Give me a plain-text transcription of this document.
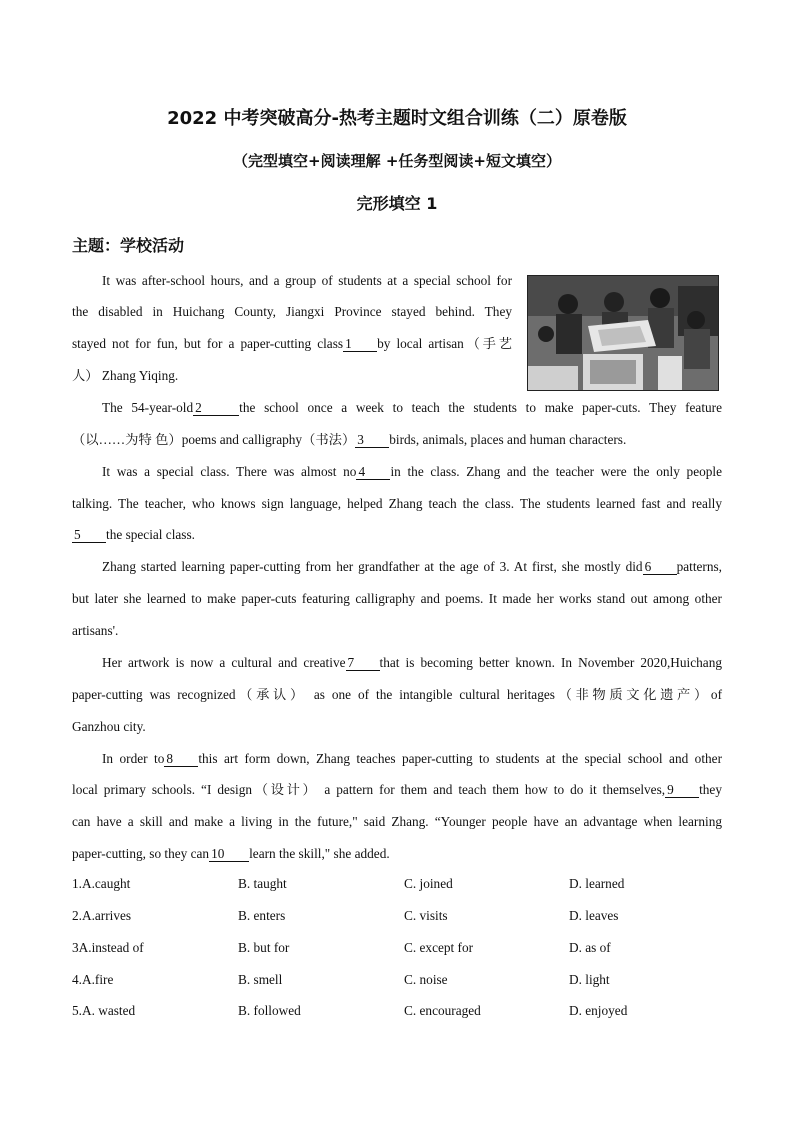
2022 中考突破高分-热考主题时文组合训练（二）原卷版
（完型填空+阅读理解 +任务型阅读+短文填空）
完形填空 1
主题：学校活动
It was after-school hours, and a group of students at a special school for
the disabled in Huichang County, Jiangxi Province stayed behind. They
stayed not for fun, but for a paper-cutting class 1 by local artisan（手艺
人） Zhang Yiqing.
The 54-year-old 2	the school once a week to teach the students to make paper-cuts. They feature
（以……为特 色）poems and calligraphy（书法） 3 birds, animals, places and human characters.
It was a special class. There was almost no 4 in the class. Zhang and the teacher were the only people
talking. The teacher, who knows sign language, helped Zhang teach the class. The students learned fast and really
5 the special class.
Zhang started learning paper-cutting from her grandfather at the age of 3. At first, she mostly did 6 patterns,
but later she learned to make paper-cuts featuring calligraphy and poems. It made her works stand out among other
artisans'.
Her artwork is now a cultural and creative 7 that is becoming better known. In November 2020,Huichang
paper-cutting was recognized（承认） as one of the intangible cultural heritages（非物质文化遗产）of
Ganzhou city.
In order to 8 this art form down, Zhang teaches paper-cutting to students at the special school and other
local primary schools. “I design（设计） a pattern for them and teach them how to do it themselves, 9 they
can have a skill and make a living in the future," said Zhang. “Younger people have an advantage when learning
paper-cutting, so they can 10 learn the skill," she added.
1.A.caught	B. taught	C. joined	D. learned
2.A.arrives	B. enters	C. visits	D. leaves
3A.instead of	B. but for	C. except for	D. as of
4.A.fire	B. smell	C. noise	D. light
5.A. wasted	B. followed	C. encouraged	D. enjoyed
